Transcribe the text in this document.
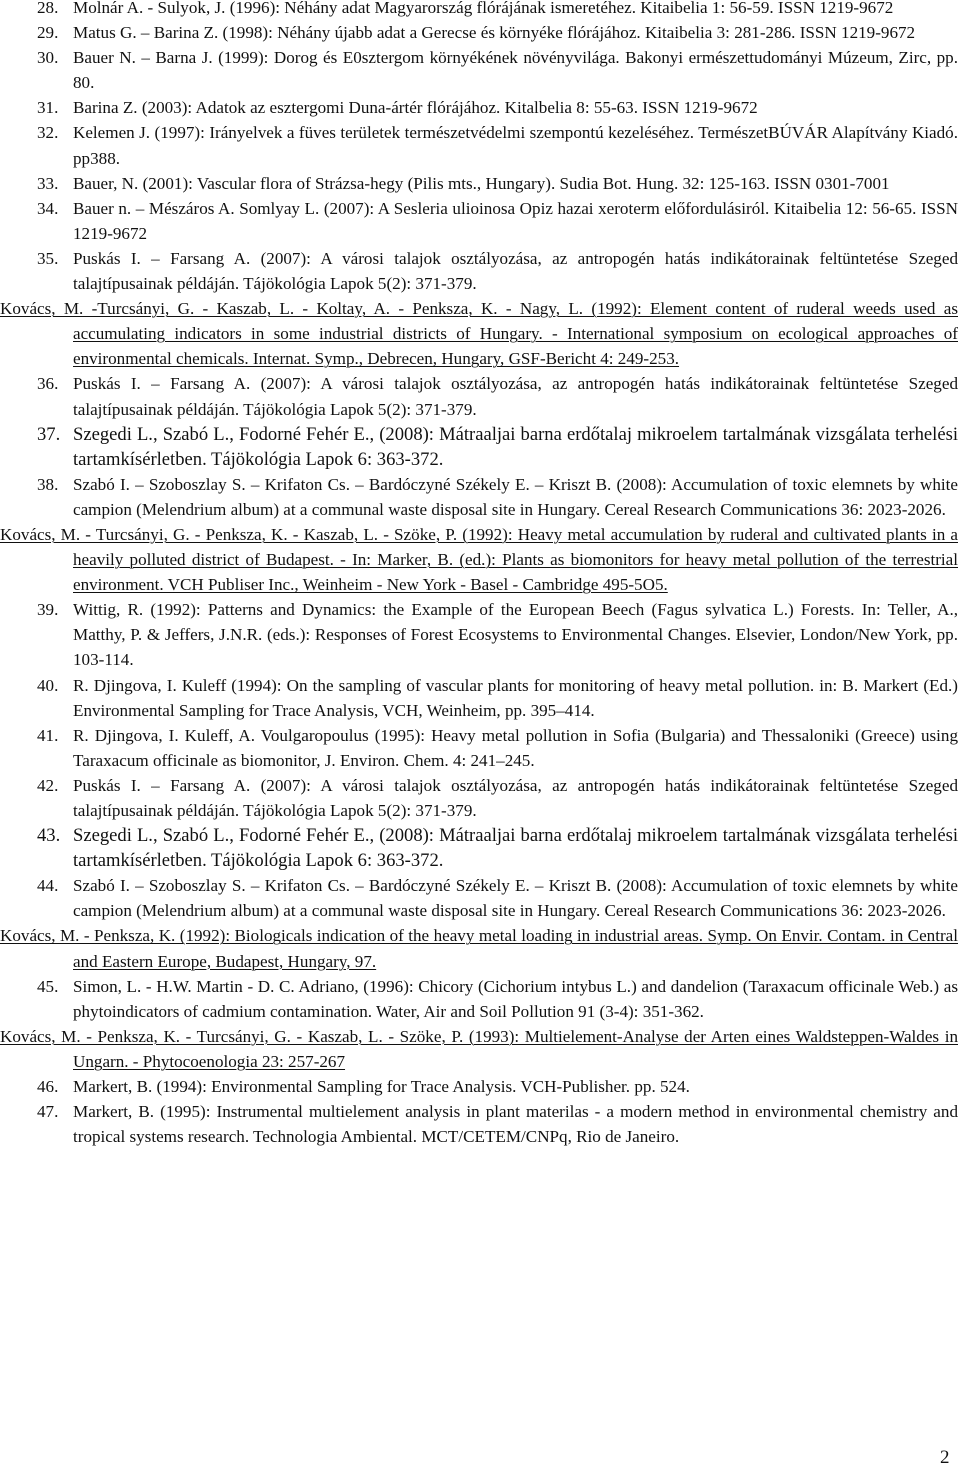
28. Molnár A. - Sulyok, J. (1996): Néhány adat Magyarország flórájának ismeretéhez. Kitaibelia 1: 56-59. ISSN 1219-9672

29. Matus G. – Barina Z. (1998): Néhány újabb adat a Gerecse és környéke flórájához. Kitaibelia 3: 281-286. ISSN 1219-9672

30. Bauer N. – Barna J. (1999): Dorog és E0sztergom környékének növényvilága. Bakonyi ermészettudományi Múzeum, Zirc, pp. 80.

31. Barina Z. (2003): Adatok az esztergomi Duna-ártér flórájához. Kitalbelia 8: 55-63. ISSN 1219-9672

32. Kelemen J. (1997): Irányelvek a füves területek természetvédelmi szempontú kezeléséhez. TermészetBÚVÁR Alapítvány Kiadó. pp388.

33. Bauer, N. (2001): Vascular flora of Strázsa-hegy (Pilis mts., Hungary). Sudia Bot. Hung. 32: 125-163. ISSN 0301-7001

34. Bauer n. – Mészáros A. Somlyay L. (2007): A Sesleria ulioinosa Opiz hazai xeroterm előfordulásiról. Kitaibelia 12: 56-65. ISSN 1219-9672

35. Puskás I. – Farsang A. (2007): A városi talajok osztályozása, az antropogén hatás indikátorainak feltüntetése Szeged talajtípusainak példáján. Tájökológia Lapok 5(2): 371-379.

Kovács, M. -Turcsányi, G. - Kaszab, L. - Koltay, A. - Penksza, K. - Nagy, L. (1992): Element content of ruderal weeds used as accumulating indicators in some industrial districts of Hungary. - International symposium on ecological approaches of environmental chemicals. Internat. Symp., Debrecen, Hungary, GSF-Bericht 4: 249-253.

36. Puskás I. – Farsang A. (2007): A városi talajok osztályozása, az antropogén hatás indikátorainak feltüntetése Szeged talajtípusainak példáján. Tájökológia Lapok 5(2): 371-379.

37. Szegedi L., Szabó L., Fodorné Fehér E., (2008): Mátraaljai barna erdőtalaj mikroelem tartalmának vizsgálata terhelési tartamkísérletben. Tájökológia Lapok 6: 363-372.

38. Szabó I. – Szoboszlay S. – Krifaton Cs. – Bardóczyné Székely E. – Kriszt B. (2008): Accumulation of toxic elemnets by white campion (Melendrium album) at a communal waste disposal site in Hungary. Cereal Research Communications 36: 2023-2026.

Kovács, M. - Turcsányi, G. - Penksza, K. - Kaszab, L. - Szöke, P. (1992): Heavy metal accumulation by ruderal and cultivated plants in a heavily polluted district of Budapest. - In: Marker, B. (ed.): Plants as biomonitors for heavy metal pollution of the terrestrial environment. VCH Publiser Inc., Weinheim - New York - Basel - Cambridge 495-5O5.

39. Wittig, R. (1992): Patterns and Dynamics: the Example of the European Beech (Fagus sylvatica L.) Forests. In: Teller, A., Matthy, P. & Jeffers, J.N.R. (eds.): Responses of Forest Ecosystems to Environmental Changes. Elsevier, London/New York, pp. 103-114.

40. R. Djingova, I. Kuleff (1994): On the sampling of vascular plants for monitoring of heavy metal pollution. in: B. Markert (Ed.) Environmental Sampling for Trace Analysis, VCH, Weinheim, pp. 395–414.

41. R. Djingova, I. Kuleff, A. Voulgaropoulus (1995): Heavy metal pollution in Sofia (Bulgaria) and Thessaloniki (Greece) using Taraxacum officinale as biomonitor, J. Environ. Chem. 4: 241–245.

42. Puskás I. – Farsang A. (2007): A városi talajok osztályozása, az antropogén hatás indikátorainak feltüntetése Szeged talajtípusainak példáján. Tájökológia Lapok 5(2): 371-379.

43. Szegedi L., Szabó L., Fodorné Fehér E., (2008): Mátraaljai barna erdőtalaj mikroelem tartalmának vizsgálata terhelési tartamkísérletben. Tájökológia Lapok 6: 363-372.

44. Szabó I. – Szoboszlay S. – Krifaton Cs. – Bardóczyné Székely E. – Kriszt B. (2008): Accumulation of toxic elemnets by white campion (Melendrium album) at a communal waste disposal site in Hungary. Cereal Research Communications 36: 2023-2026.

Kovács, M. - Penksza, K. (1992): Biologicals indication of the heavy metal loading in industrial areas. Symp. On Envir. Contam. in Central and Eastern Europe, Budapest, Hungary, 97.

45. Simon, L. - H.W. Martin - D. C. Adriano, (1996): Chicory (Cichorium intybus L.) and dandelion (Taraxacum officinale Web.) as phytoindicators of cadmium contamination. Water, Air and Soil Pollution 91 (3-4): 351-362.

Kovács, M. - Penksza, K. - Turcsányi, G. - Kaszab, L. - Szöke, P. (1993): Multielement-Analyse der Arten eines Waldsteppen-Waldes in Ungarn. - Phytocoenologia 23: 257-267

46. Markert, B. (1994): Environmental Sampling for Trace Analysis. VCH-Publisher. pp. 524.

47. Markert, B. (1995): Instrumental multielement analysis in plant materilas - a modern method in environmental chemistry and tropical systems research. Technologia Ambiental. MCT/CETEM/CNPq, Rio de Janeiro.

2
